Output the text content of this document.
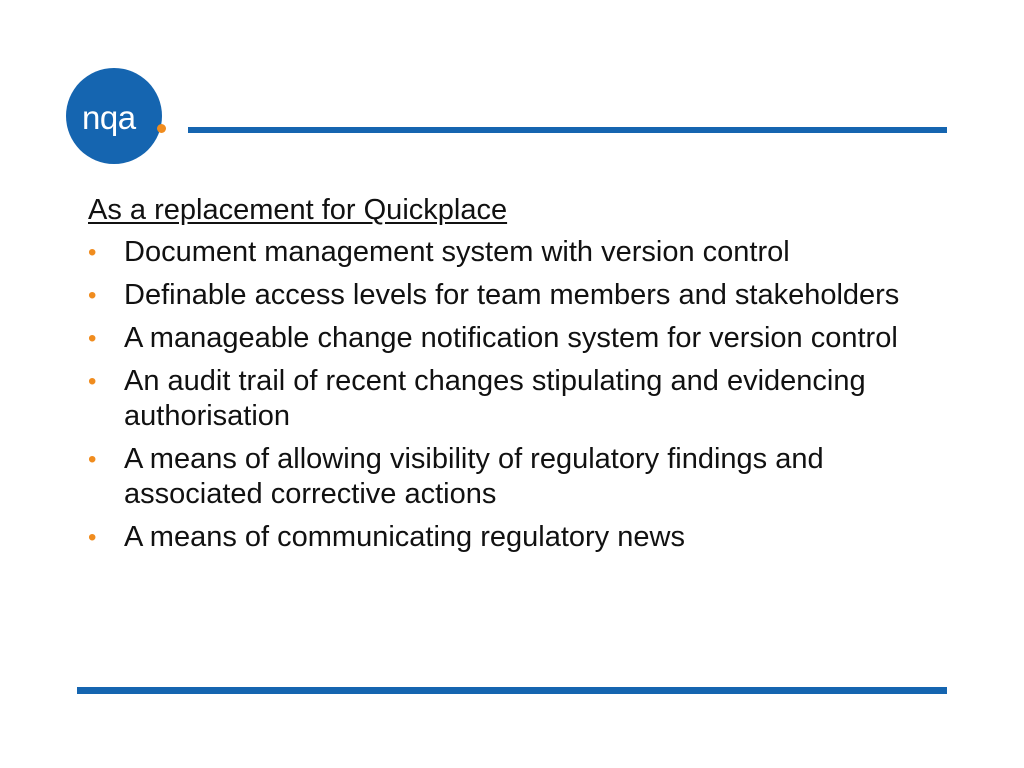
nqa
As a replacement for Quickplace
• Document management system with version control
• Definable access levels for team members and stakeholders
• A manageable change notification system for version control
• An audit trail of recent changes stipulating and evidencing authorisation
• A means of allowing visibility of regulatory findings and associated corrective actions
• A means of communicating regulatory news
